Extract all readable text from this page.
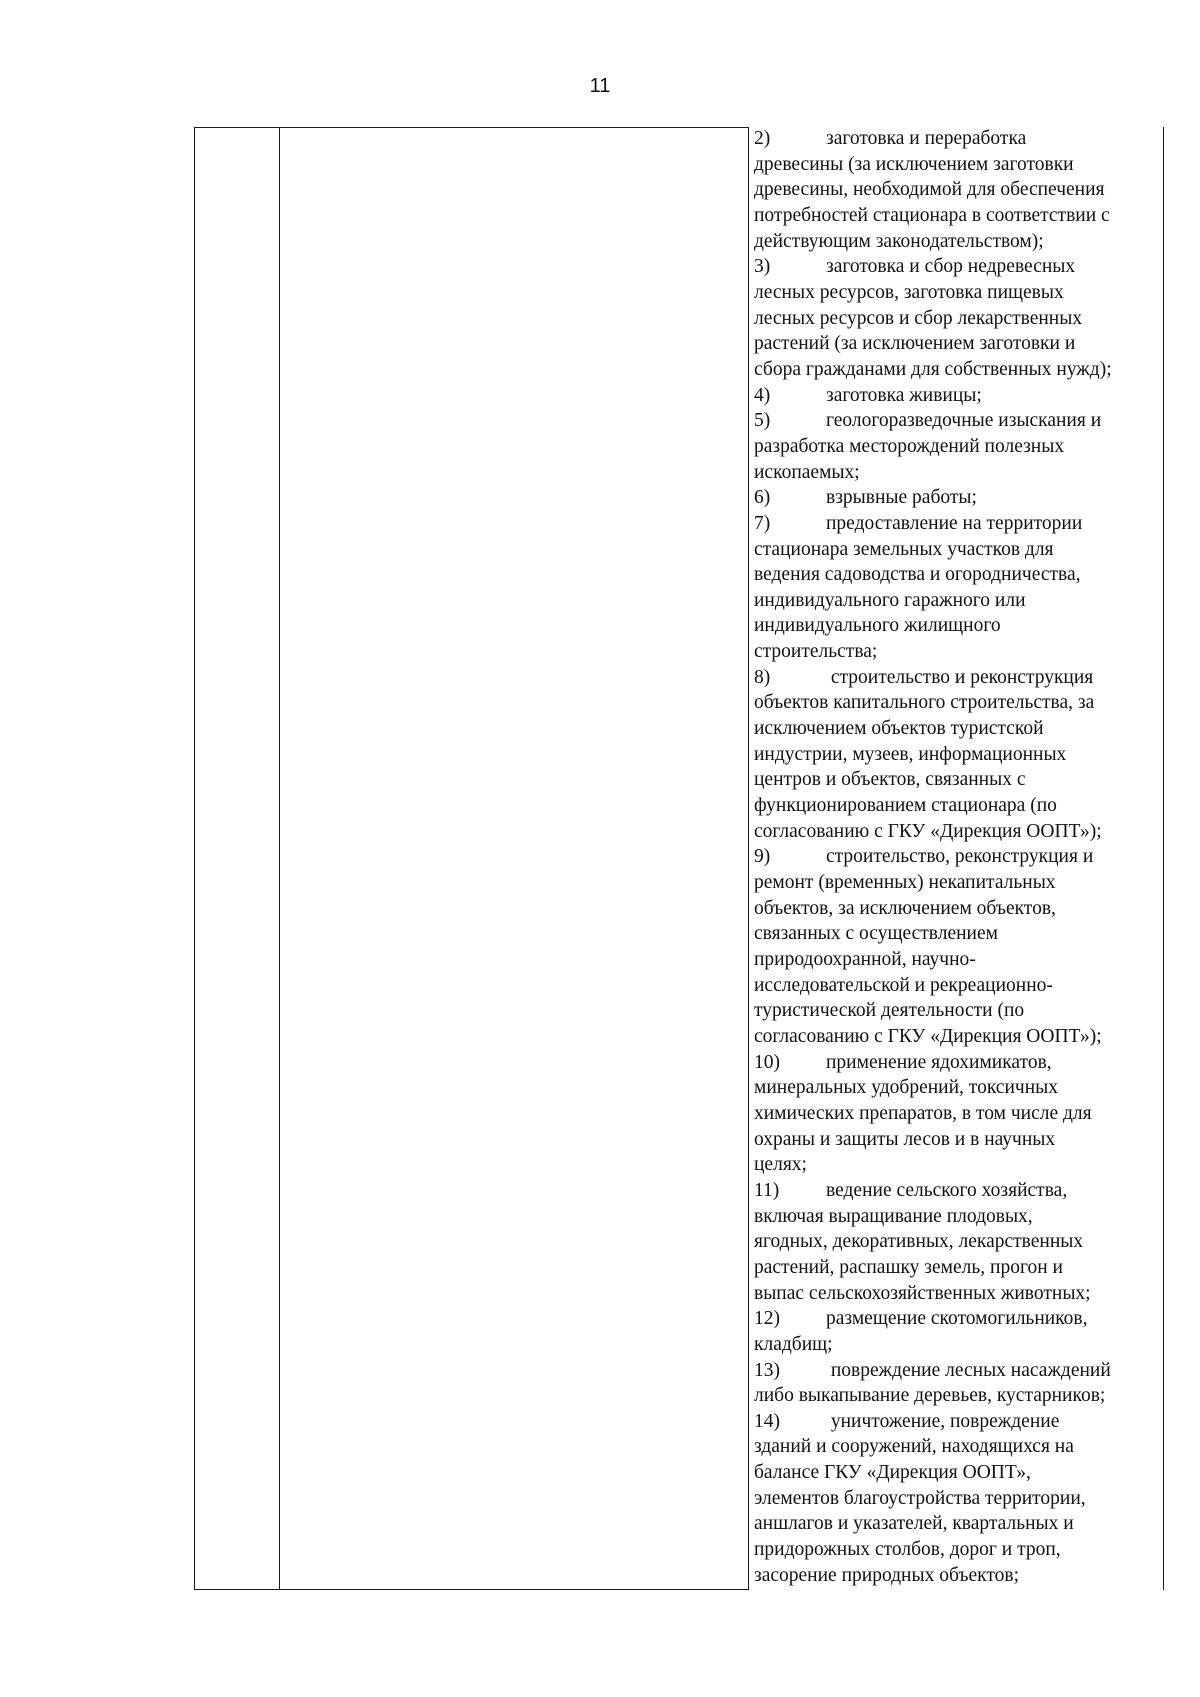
11
2)	заготовка и переработка
древесины (за исключением заготовки
древесины, необходимой для обеспечения
потребностей стационара в соответствии с
действующим законодательством);
3)	заготовка и сбор недревесных
лесных ресурсов, заготовка пищевых
лесных ресурсов и сбор лекарственных
растений (за исключением заготовки и
сбора гражданами для собственных нужд);
4)	заготовка живицы;
5)	геологоразведочные изыскания и
разработка месторождений полезных
ископаемых;
6)	взрывные работы;
7)	предоставление на территории
стационара земельных участков для
ведения садоводства и огородничества,
индивидуального гаражного или
индивидуального жилищного
строительства;
8)	строительство и реконструкция
объектов капитального строительства, за
исключением объектов туристской
индустрии, музеев, информационных
центров и объектов, связанных с
функционированием стационара (по
согласованию с ГКУ «Дирекция ООПТ»);
9)	строительство, реконструкция и
ремонт (временных) некапитальных
объектов, за исключением объектов,
связанных с осуществлением
природоохранной, научно-
исследовательской и рекреационно-
туристической деятельности (по
согласованию с ГКУ «Дирекция ООПТ»);
10) применение ядохимикатов,
минеральных удобрений, токсичных
химических препаратов, в том числе для
охраны и защиты лесов и в научных
целях;
11) ведение сельского хозяйства,
включая выращивание плодовых,
ягодных, декоративных, лекарственных
растений, распашку земель, прогон и
выпас сельскохозяйственных животных;
12) размещение скотомогильников,
кладбищ;
13) повреждение лесных насаждений
либо выкапывание деревьев, кустарников;
14) уничтожение, повреждение
зданий и сооружений, находящихся на
балансе ГКУ «Дирекция ООПТ»,
элементов благоустройства территории,
аншлагов и указателей, квартальных и
придорожных столбов, дорог и троп,
засорение природных объектов;
